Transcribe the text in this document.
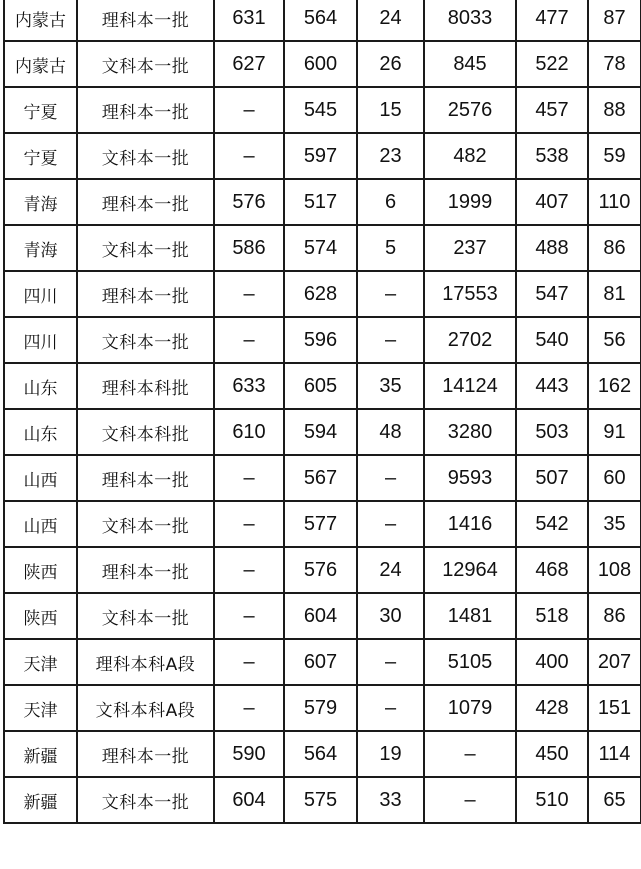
内蒙古	理科本一批	631	564	24	8033	477	87
内蒙古	文科本一批	627	600	26	845	522	78
宁夏	理科本一批	–	545	15	2576	457	88
宁夏	文科本一批	–	597	23	482	538	59
青海	理科本一批	576	517	6	1999	407	110
青海	文科本一批	586	574	5	237	488	86
四川	理科本一批	–	628	–	17553	547	81
四川	文科本一批	–	596	–	2702	540	56
山东	理科本科批	633	605	35	14124	443	162
山东	文科本科批	610	594	48	3280	503	91
山西	理科本一批	–	567	–	9593	507	60
山西	文科本一批	–	577	–	1416	542	35
陕西	理科本一批	–	576	24	12964	468	108
陕西	文科本一批	–	604	30	1481	518	86
天津	理科本科A段	–	607	–	5105	400	207
天津	文科本科A段	–	579	–	1079	428	151
新疆	理科本一批	590	564	19	–	450	114
新疆	文科本一批	604	575	33	–	510	65
